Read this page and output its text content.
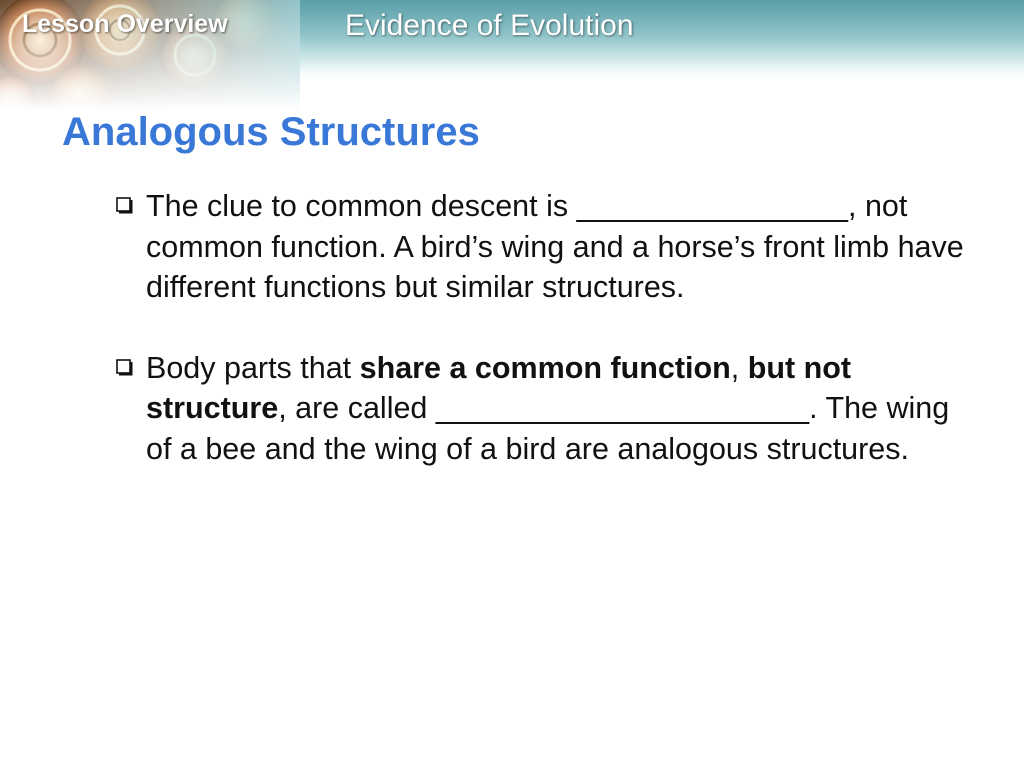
Lesson Overview	Evidence of Evolution
Analogous Structures
The clue to common descent is ________________, not common function. A bird’s wing and a horse’s front limb have different functions but similar structures.
Body parts that share a common function, but not structure, are called ______________________. The wing of a bee and the wing of a bird are analogous structures.
